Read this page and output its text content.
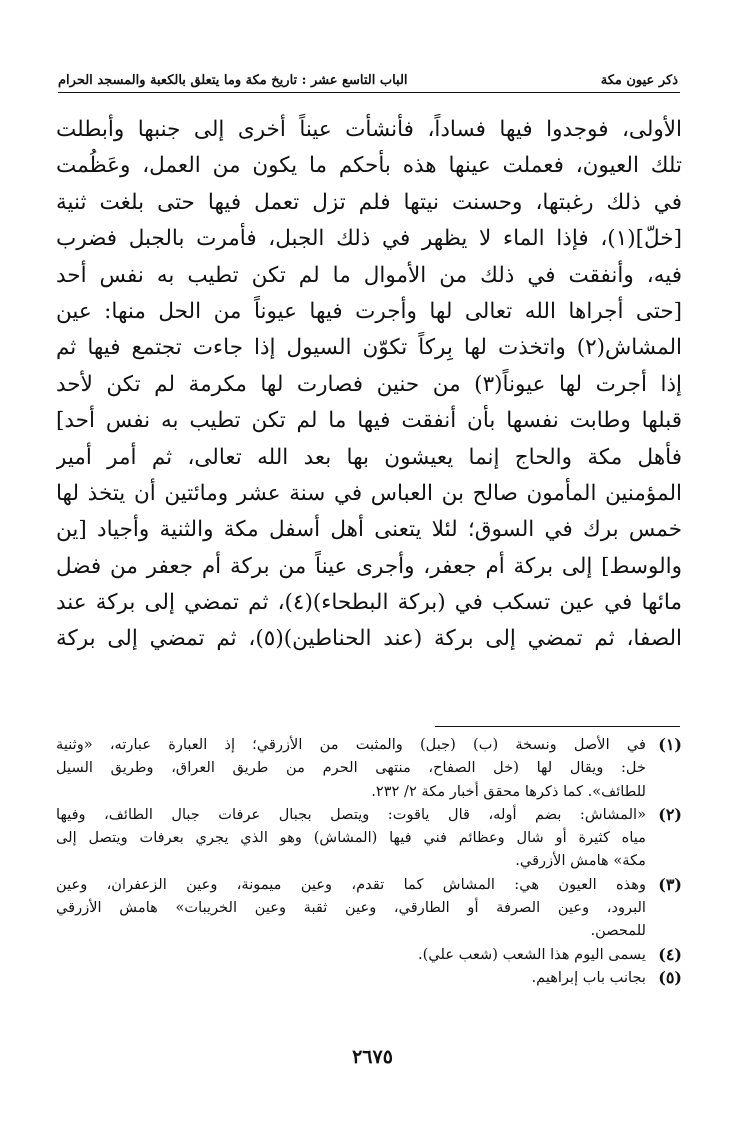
ذكر عيون مكة
الباب التاسع عشر : تاريخ مكة وما يتعلق بالكعبة والمسجد الحرام
الأولى، فوجدوا فيها فساداً، فأنشأت عيناً أخرى إلى جنبها وأبطلت
تلك العيون، فعملت عينها هذه بأحكم ما يكون من العمل، وعَظُمت
في ذلك رغبتها، وحسنت نيتها فلم تزل تعمل فيها حتى بلغت ثنية
[خلّ](١)، فإذا الماء لا يظهر في ذلك الجبل، فأمرت بالجبل فضرب
فيه، وأنفقت في ذلك من الأموال ما لم تكن تطيب به نفس أحد
[حتى أجراها الله تعالى لها وأجرت فيها عيوناً من الحل منها: عين
المشاش(٢) واتخذت لها بِركاً تكوّن السيول إذا جاءت تجتمع فيها ثم
إذا أجرت لها عيوناً(٣) من حنين فصارت لها مكرمة لم تكن لأحد
قبلها وطابت نفسها بأن أنفقت فيها ما لم تكن تطيب به نفس أحد]
فأهل مكة والحاج إنما يعيشون بها بعد الله تعالى، ثم أمر أمير
المؤمنين المأمون صالح بن العباس في سنة عشر ومائتين أن يتخذ لها
خمس برك في السوق؛ لئلا يتعنى أهل أسفل مكة والثنية وأجياد [ين
والوسط] إلى بركة أم جعفر، وأجرى عيناً من بركة أم جعفر من فضل
مائها في عين تسكب في (بركة البطحاء)(٤)، ثم تمضي إلى بركة عند
الصفا، ثم تمضي إلى بركة (عند الحناطين)(٥)، ثم تمضي إلى بركة
(١)
في الأصل ونسخة (ب) (جبل) والمثبت من الأزرقي؛ إذ العبارة عبارته، «وثنية
خل: ويقال لها (خل الصفاح، منتهى الحرم من طريق العراق، وطريق السيل
للطائف». كما ذكرها محقق أخبار مكة ٢/ ٢٣٢.
(٢)
«المشاش: بضم أوله، قال ياقوت: ويتصل بجبال عرفات جبال الطائف، وفيها
مياه كثيرة أو شال وعظائم فني فيها (المشاش) وهو الذي يجري بعرفات ويتصل إلى
مكة» هامش الأزرقي.
(٣)
وهذه العيون هي: المشاش كما تقدم، وعين ميمونة، وعين الزعفران، وعين
البرود، وعين الصرفة أو الطارقي، وعين ثقبة وعين الخريبات» هامش الأزرقي
للمحصن.
(٤)
يسمى اليوم هذا الشعب (شعب علي).
(٥)
بجانب باب إبراهيم.
٢٦٧٥
